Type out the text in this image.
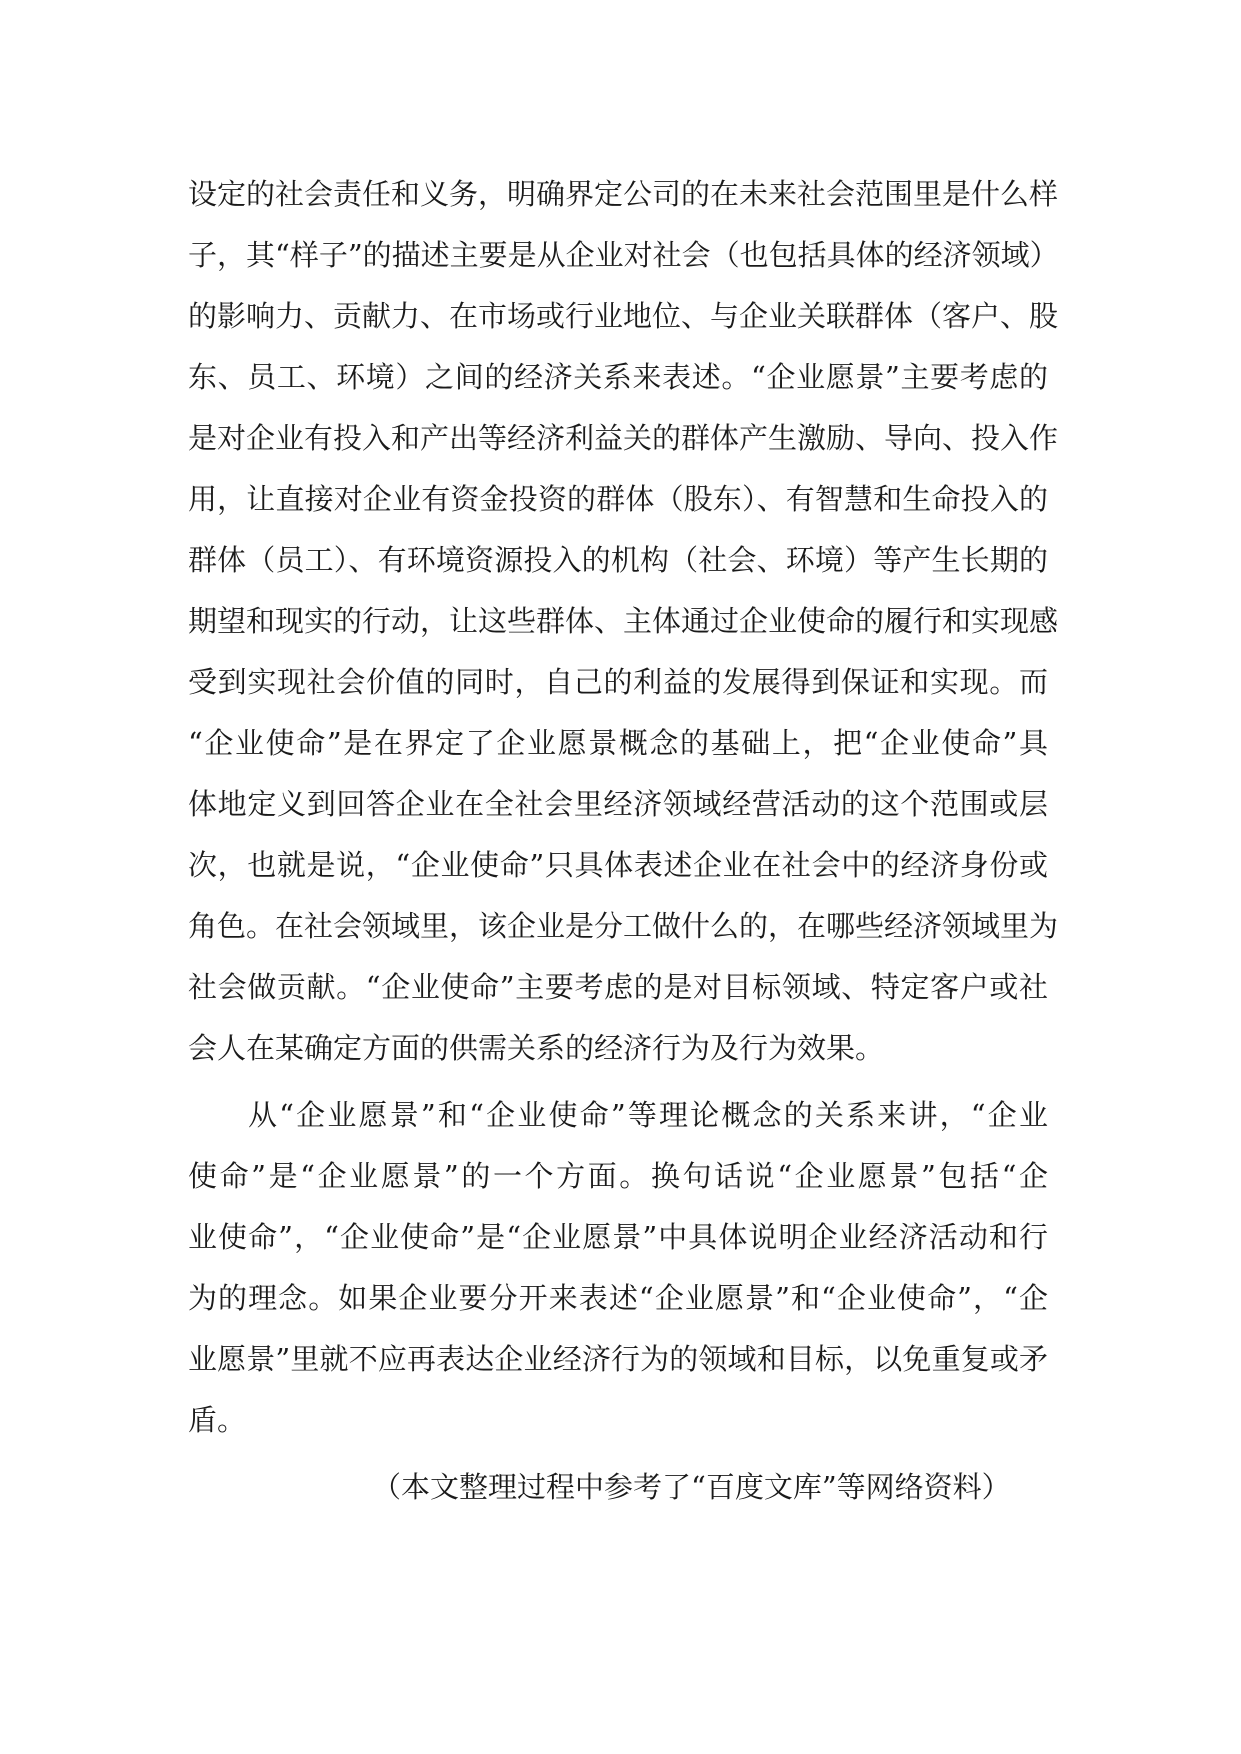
设定的社会责任和义务，明确界定公司的在未来社会范围里是什么样
子，其“样子”的描述主要是从企业对社会（也包括具体的经济领域）
的影响力、贡献力、在市场或行业地位、与企业关联群体（客户、股
东、员工、环境）之间的经济关系来表述。“企业愿景”主要考虑的
是对企业有投入和产出等经济利益关的群体产生激励、导向、投入作
用，让直接对企业有资金投资的群体（股东）、有智慧和生命投入的
群体（员工）、有环境资源投入的机构（社会、环境）等产生长期的
期望和现实的行动，让这些群体、主体通过企业使命的履行和实现感
受到实现社会价值的同时，自己的利益的发展得到保证和实现。而
“企业使命”是在界定了企业愿景概念的基础上，把“企业使命”具
体地定义到回答企业在全社会里经济领域经营活动的这个范围或层
次，也就是说，“企业使命”只具体表述企业在社会中的经济身份或
角色。在社会领域里，该企业是分工做什么的，在哪些经济领域里为
社会做贡献。“企业使命”主要考虑的是对目标领域、特定客户或社
会人在某确定方面的供需关系的经济行为及行为效果。
从“企业愿景”和“企业使命”等理论概念的关系来讲，“企业
使命”是“企业愿景”的一个方面。换句话说“企业愿景”包括“企
业使命”，“企业使命”是“企业愿景”中具体说明企业经济活动和行
为的理念。如果企业要分开来表述“企业愿景”和“企业使命”，“企
业愿景”里就不应再表达企业经济行为的领域和目标，以免重复或矛
盾。
（本文整理过程中参考了“百度文库”等网络资料）
